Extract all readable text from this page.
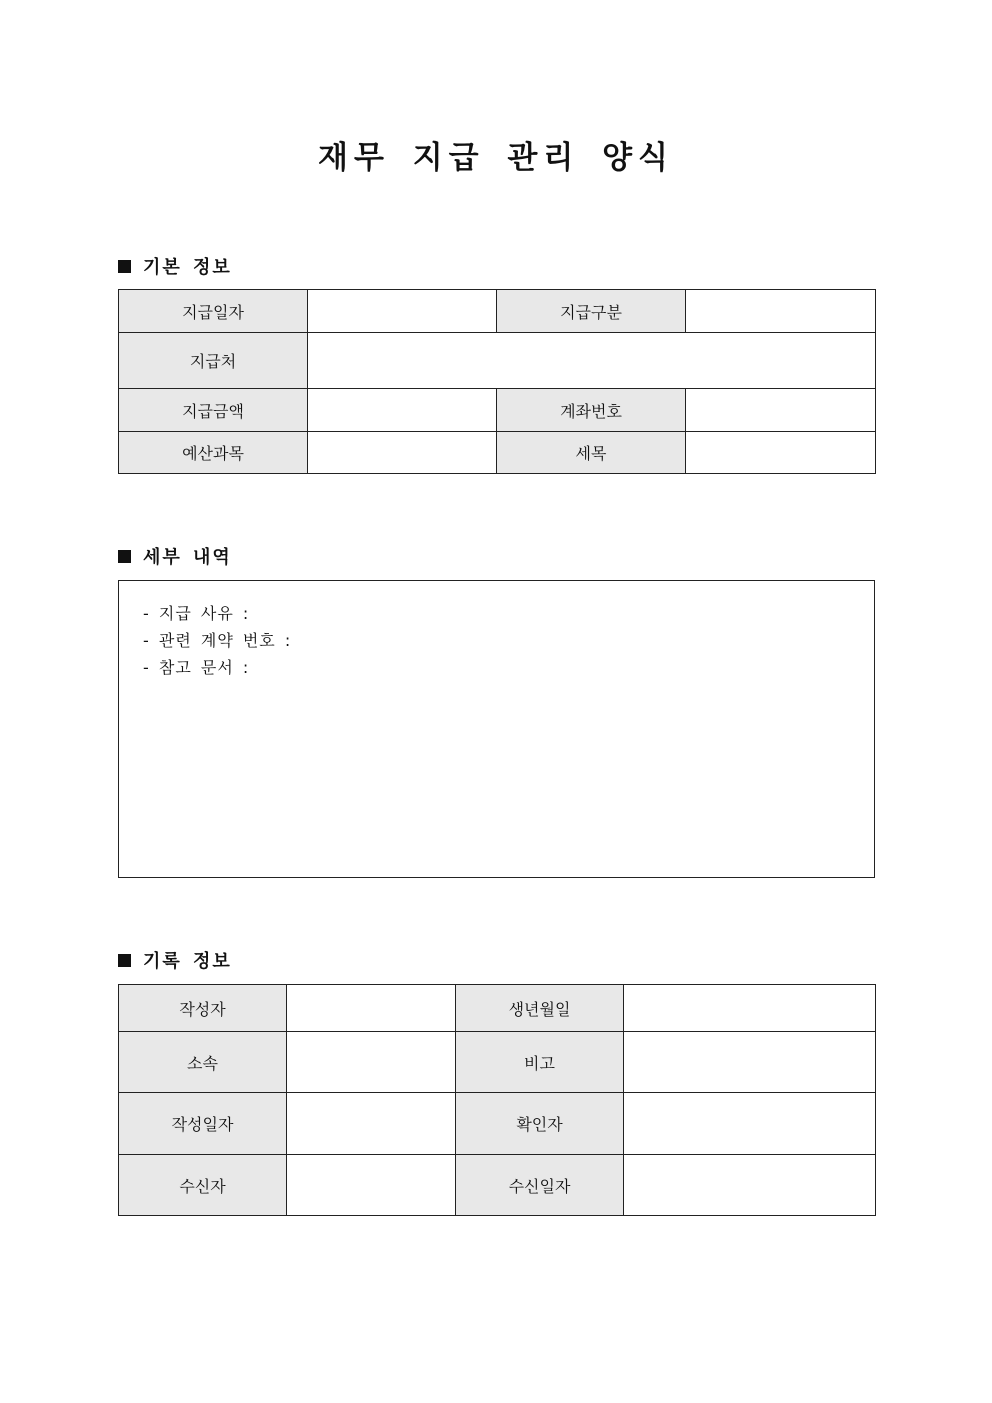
재무 지급 관리 양식
기본 정보
지급일자		지급구분	
지급처			
지급금액		계좌번호	
예산과목		세목	
세부 내역
- 지급 사유 :
- 관련 계약 번호 :
- 참고 문서 :
기록 정보
작성자		생년월일	
소속		비고	
작성일자		확인자	
수신자		수신일자	
